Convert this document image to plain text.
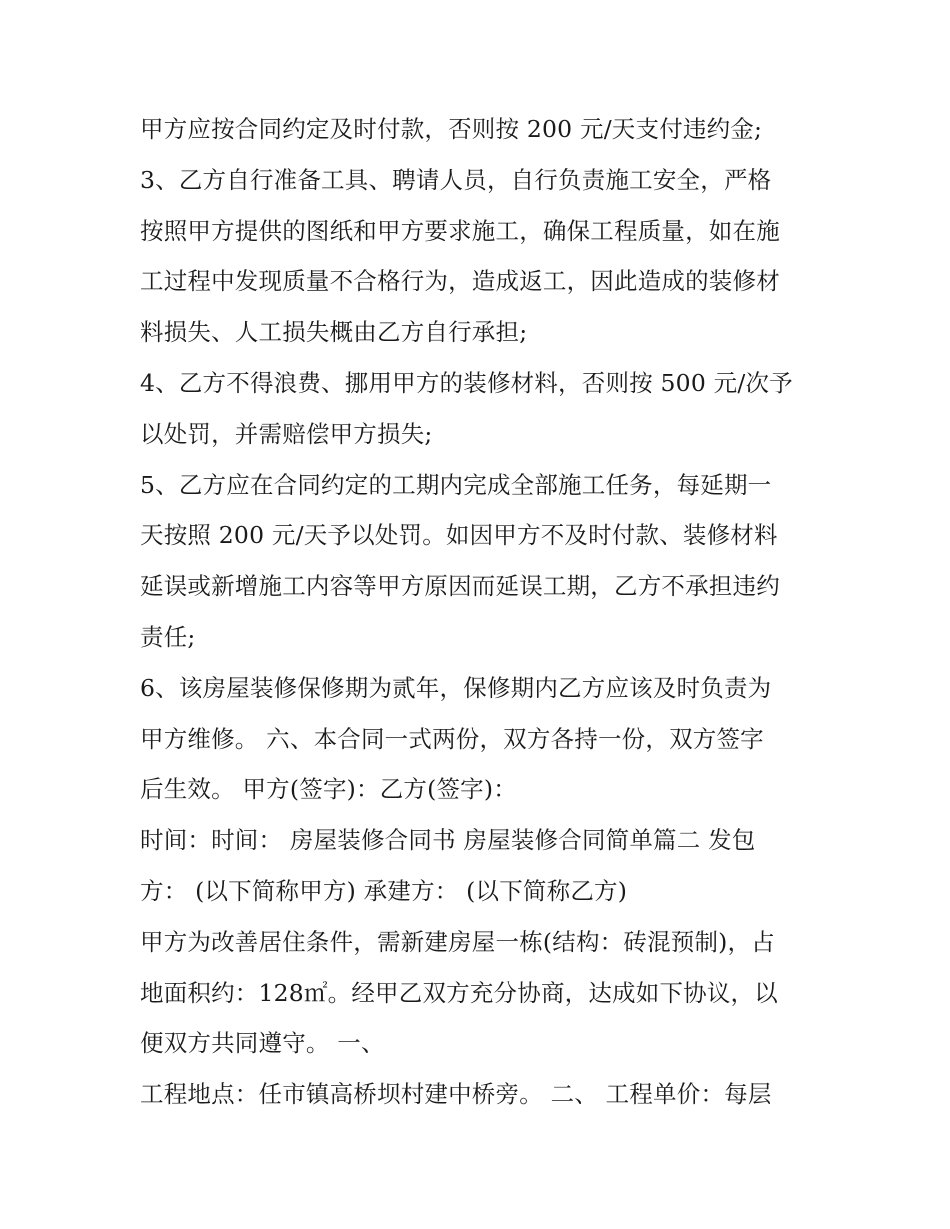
甲方应按合同约定及时付款，否则按 200 元/天支付违约金;

3、乙方自行准备工具、聘请人员，自行负责施工安全，严格

按照甲方提供的图纸和甲方要求施工，确保工程质量，如在施

工过程中发现质量不合格行为，造成返工，因此造成的装修材

料损失、人工损失概由乙方自行承担;

4、乙方不得浪费、挪用甲方的装修材料，否则按 500 元/次予

以处罚，并需赔偿甲方损失;

5、乙方应在合同约定的工期内完成全部施工任务，每延期一

天按照 200 元/天予以处罚。如因甲方不及时付款、装修材料

延误或新增施工内容等甲方原因而延误工期，乙方不承担违约

责任;

6、该房屋装修保修期为贰年，保修期内乙方应该及时负责为

甲方维修。 六、本合同一式两份，双方各持一份，双方签字

后生效。 甲方(签字)：乙方(签字)：

时间：时间： 房屋装修合同书 房屋装修合同简单篇二 发包

方： (以下简称甲方) 承建方： (以下简称乙方)

甲方为改善居住条件，需新建房屋一栋(结构：砖混预制)，占

地面积约：128㎡。经甲乙双方充分协商，达成如下协议，以

便双方共同遵守。 一、

工程地点：任市镇高桥坝村建中桥旁。 二、 工程单价：每层
